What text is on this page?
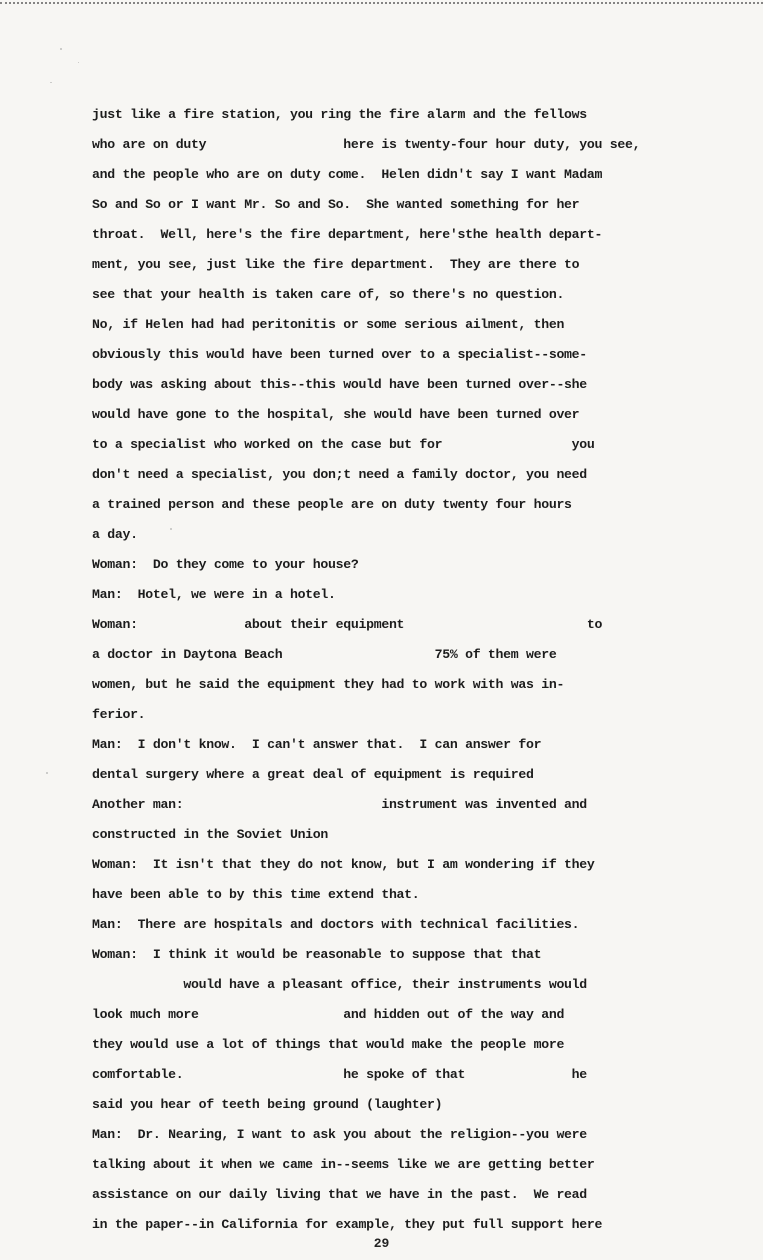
just like a fire station, you ring the fire alarm and the fellows
who are on duty                  here is twenty-four hour duty, you see,
and the people who are on duty come.  Helen didn't say I want Madam
So and So or I want Mr. So and So.  She wanted something for her
throat.  Well, here's the fire department, here'sthe health depart-
ment, you see, just like the fire department.  They are there to
see that your health is taken care of, so there's no question.
No, if Helen had had peritonitis or some serious ailment, then
obviously this would have been turned over to a specialist--some-
body was asking about this--this would have been turned over--she
would have gone to the hospital, she would have been turned over
to a specialist who worked on the case but for                 you
don't need a specialist, you don;t need a family doctor, you need
a trained person and these people are on duty twenty four hours
a day.
Woman:  Do they come to your house?
Man:  Hotel, we were in a hotel.
Woman:              about their equipment                        to
a doctor in Daytona Beach                    75% of them were
women, but he said the equipment they had to work with was in-
ferior.
Man:  I don't know.  I can't answer that.  I can answer for
dental surgery where a great deal of equipment is required
Another man:                          instrument was invented and
constructed in the Soviet Union
Woman:  It isn't that they do not know, but I am wondering if they
have been able to by this time extend that.
Man:  There are hospitals and doctors with technical facilities.
Woman:  I think it would be reasonable to suppose that that
would have a pleasant office, their instruments would
look much more                   and hidden out of the way and
they would use a lot of things that would make the people more
comfortable.                     he spoke of that              he
said you hear of teeth being ground (laughter)
Man:  Dr. Nearing, I want to ask you about the religion--you were
talking about it when we came in--seems like we are getting better
assistance on our daily living that we have in the past.  We read
in the paper--in California for example, they put full support here
29
